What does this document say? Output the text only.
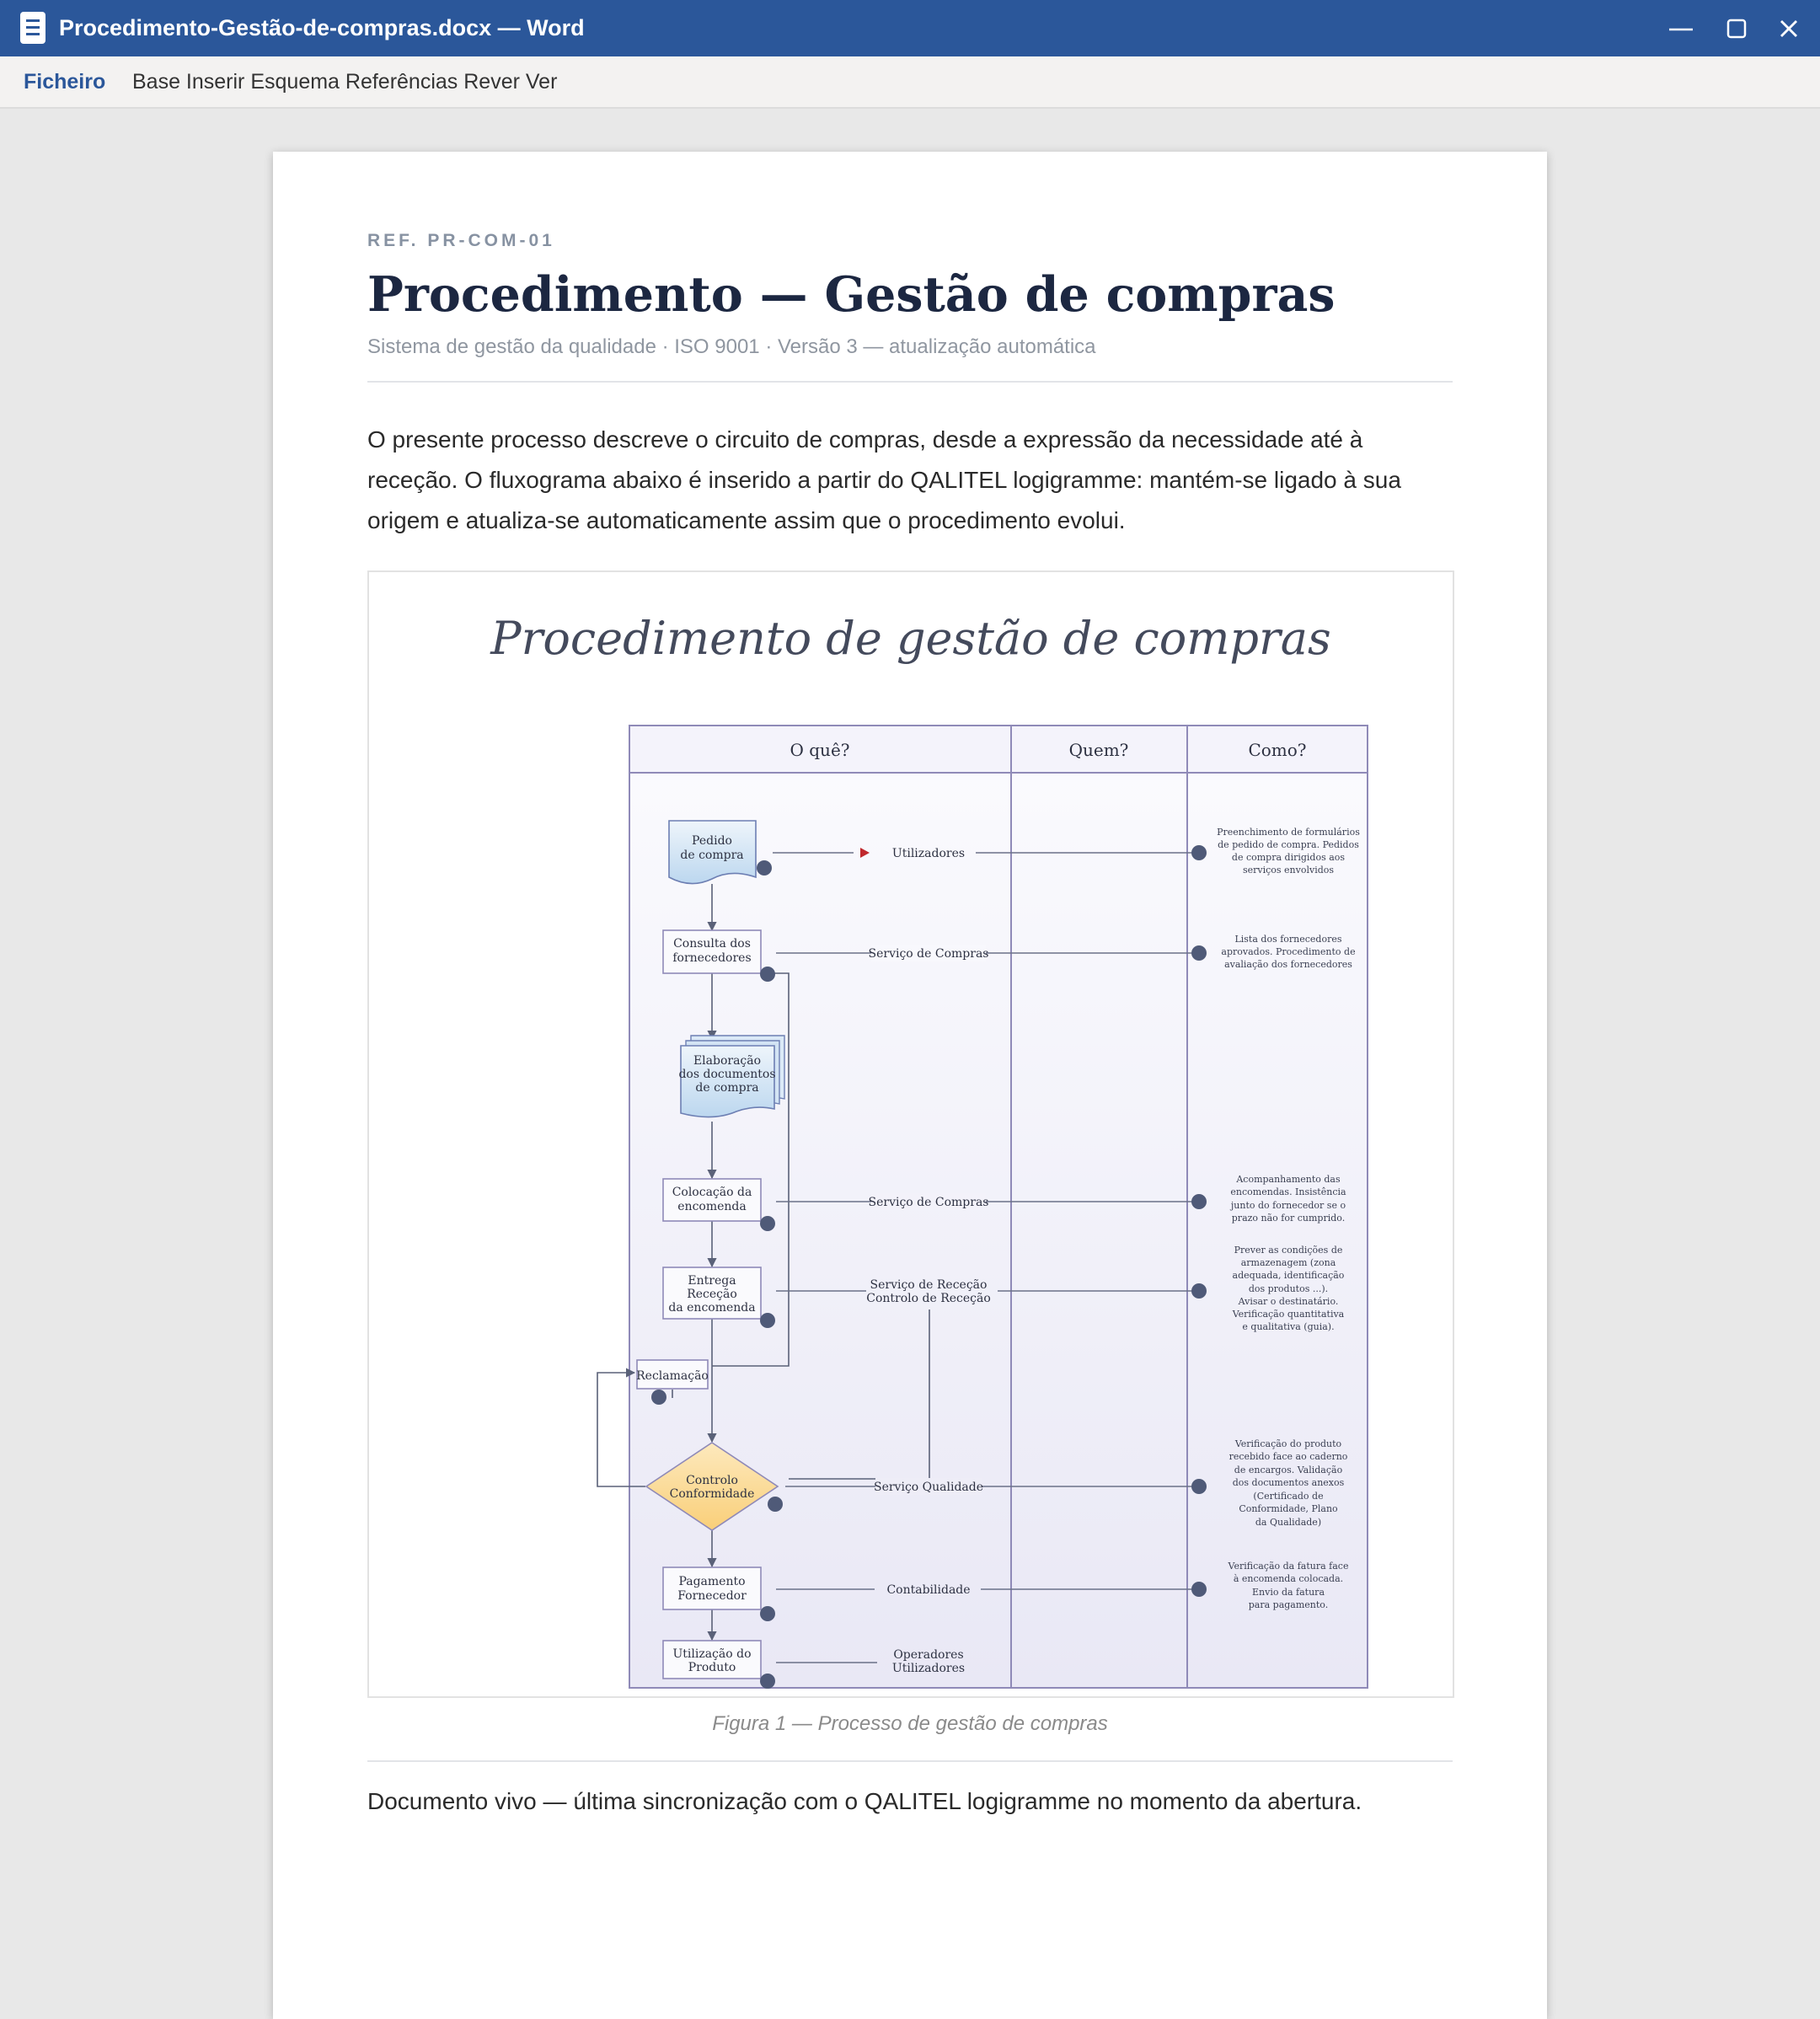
Procedimento-Gestão-de-compras.docx — Word
Ficheiro Base Inserir Esquema Referências Rever Ver
REF. PR-COM-01
Procedimento — Gestão de compras
Sistema de gestão da qualidade · ISO 9001 · Versão 3 — atualização automática
O presente processo descreve o circuito de compras, desde a expressão da necessidade até à receção. O fluxograma abaixo é inserido a partir do QALITEL logigramme: mantém-se ligado à sua origem e atualiza-se automaticamente assim que o procedimento evolui.
Procedimento de gestão de compras
O quê?	Quem?	Como?
Pedido
de compra
Consulta dos
fornecedores
Elaboração
dos documentos
de compra
Colocação da
encomenda
Entrega
Receção
da encomenda
Reclamação
Controlo
Conformidade
Pagamento
Fornecedor
Utilização do
Produto
Utilizadores
Serviço de Compras
Serviço de Compras
Serviço de Receção
Controlo de Receção
Serviço Qualidade
Contabilidade
Operadores
Utilizadores
Preenchimento de formulários
de pedido de compra. Pedidos
de compra dirigidos aos
serviços envolvidos
Lista dos fornecedores
aprovados. Procedimento de
avaliação dos fornecedores
Acompanhamento das
encomendas. Insistência
junto do fornecedor se o
prazo não for cumprido.
Prever as condições de
armazenagem (zona
adequada, identificação
dos produtos ...).
Avisar o destinatário.
Verificação quantitativa
e qualitativa (guia).
Verificação do produto
recebido face ao caderno
de encargos. Validação
dos documentos anexos
(Certificado de
Conformidade, Plano
da Qualidade)
Verificação da fatura face
à encomenda colocada.
Envio da fatura
para pagamento.
Figura 1 — Processo de gestão de compras
Documento vivo — última sincronização com o QALITEL logigramme no momento da abertura.
